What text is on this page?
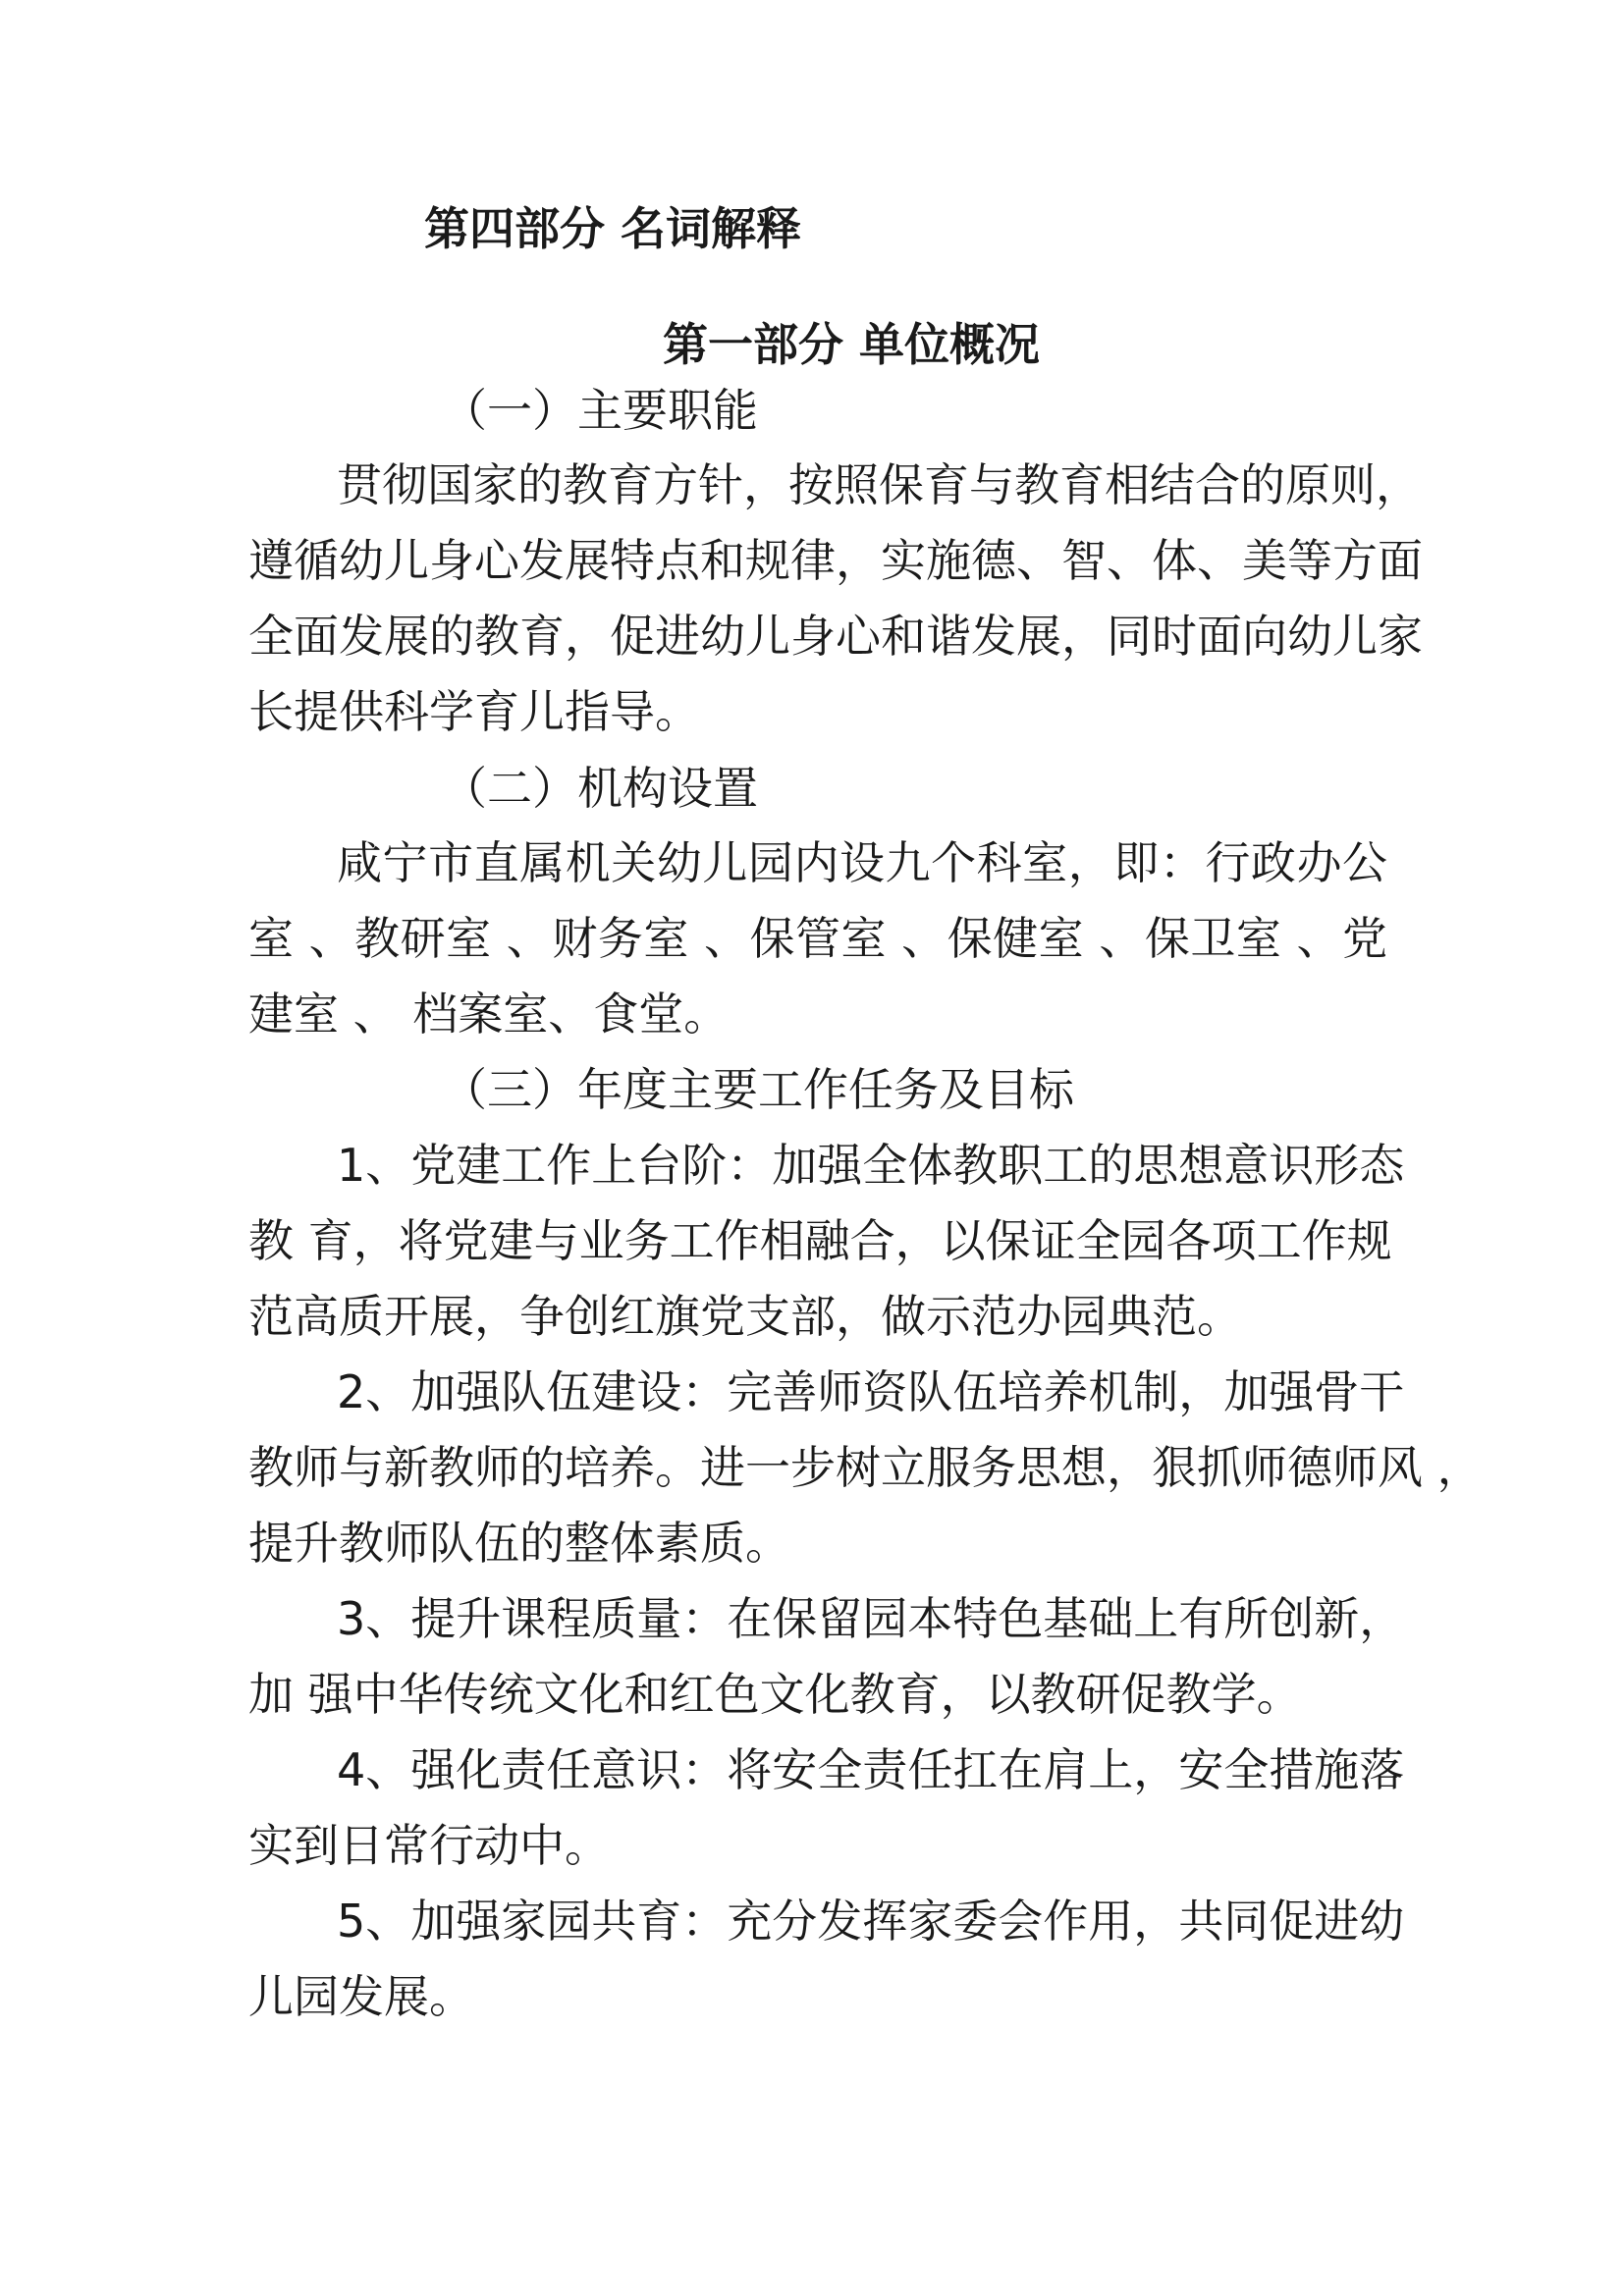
第四部分 名词解释
第一部分 单位概况
（一）主要职能
贯彻国家的教育方针，按照保育与教育相结合的原则，
遵循幼儿身心发展特点和规律，实施德、智、体、美等方面
全面发展的教育，促进幼儿身心和谐发展，同时面向幼儿家
长提供科学育儿指导。
（二）机构设置
咸宁市直属机关幼儿园内设九个科室，即：行政办公
室 、教研室 、财务室 、保管室 、保健室 、保卫室 、党
建室 、 档案室、食堂。
（三）年度主要工作任务及目标
1、党建工作上台阶：加强全体教职工的思想意识形态
教 育，将党建与业务工作相融合，以保证全园各项工作规
范高质开展，争创红旗党支部，做示范办园典范。
2、加强队伍建设：完善师资队伍培养机制，加强骨干
教师与新教师的培养。进一步树立服务思想，狠抓师德师风 ，
提升教师队伍的整体素质。
3、提升课程质量：在保留园本特色基础上有所创新，
加 强中华传统文化和红色文化教育，以教研促教学。
4、强化责任意识：将安全责任扛在肩上，安全措施落
实到日常行动中。
5、加强家园共育：充分发挥家委会作用，共同促进幼
儿园发展。
